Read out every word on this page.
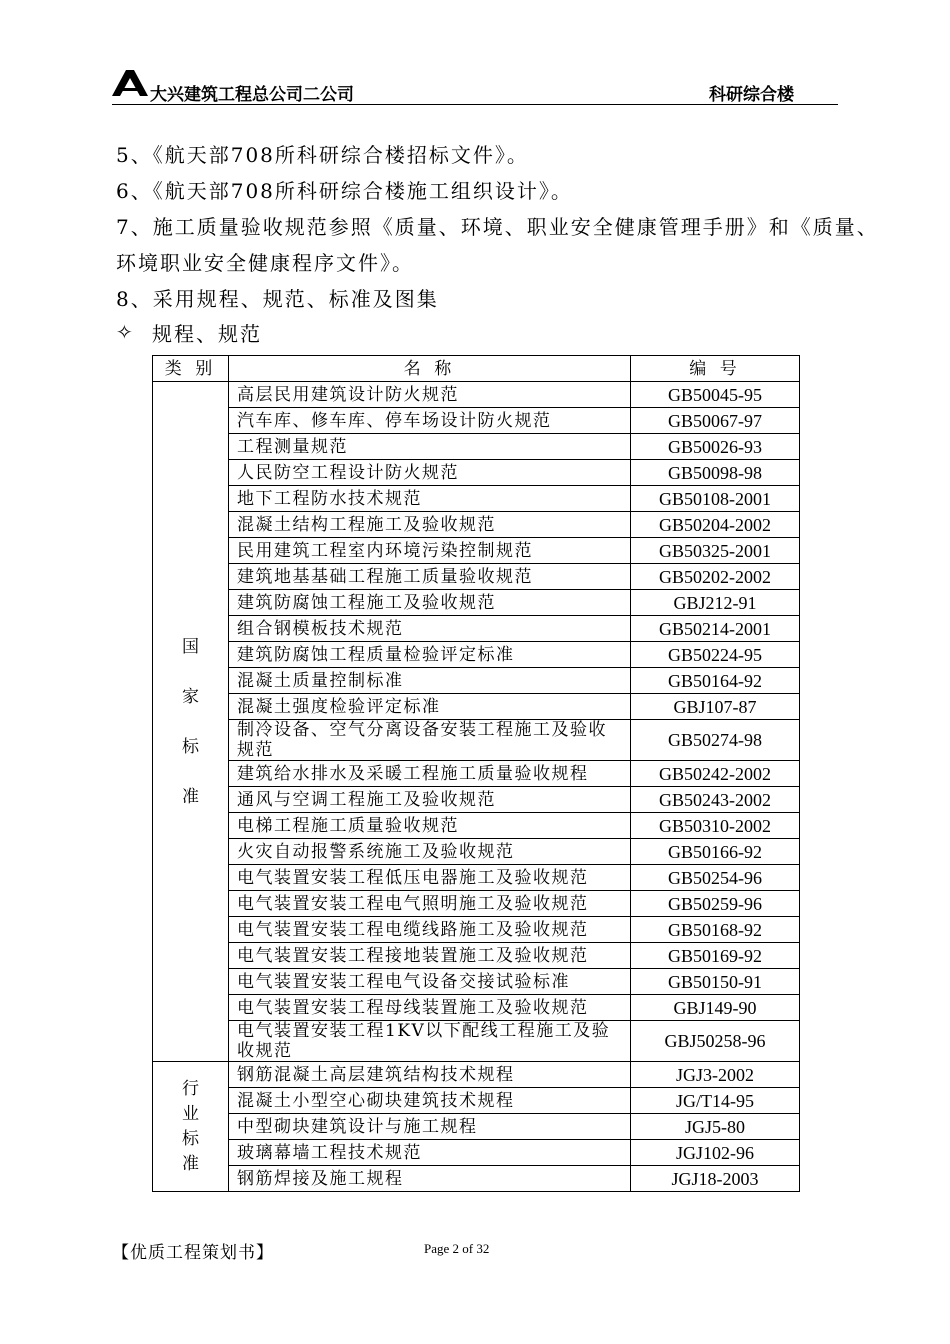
大兴建筑工程总公司二公司	科研综合楼
5、《航天部708所科研综合楼招标文件》。
6、《航天部708所科研综合楼施工组织设计》。
7、施工质量验收规范参照《质量、环境、职业安全健康管理手册》和《质量、
环境职业安全健康程序文件》。
8、采用规程、规范、标准及图集
✧ 规程、规范
类 别	名 称	编 号

国
家
标
准	高层民用建筑设计防火规范	GB50045-95
	汽车库、修车库、停车场设计防火规范	GB50067-97
	工程测量规范	GB50026-93
	人民防空工程设计防火规范	GB50098-98
	地下工程防水技术规范	GB50108-2001
	混凝土结构工程施工及验收规范	GB50204-2002
	民用建筑工程室内环境污染控制规范	GB50325-2001
	建筑地基基础工程施工质量验收规范	GB50202-2002
	建筑防腐蚀工程施工及验收规范	GBJ212-91
	组合钢模板技术规范	GB50214-2001
	建筑防腐蚀工程质量检验评定标准	GB50224-95
	混凝土质量控制标准	GB50164-92
	混凝土强度检验评定标准	GBJ107-87
	制冷设备、空气分离设备安装工程施工及验收规范	GB50274-98
	建筑给水排水及采暖工程施工质量验收规程	GB50242-2002
	通风与空调工程施工及验收规范	GB50243-2002
	电梯工程施工质量验收规范	GB50310-2002
	火灾自动报警系统施工及验收规范	GB50166-92
	电气装置安装工程低压电器施工及验收规范	GB50254-96
	电气装置安装工程电气照明施工及验收规范	GB50259-96
	电气装置安装工程电缆线路施工及验收规范	GB50168-92
	电气装置安装工程接地装置施工及验收规范	GB50169-92
	电气装置安装工程电气设备交接试验标准	GB50150-91
	电气装置安装工程母线装置施工及验收规范	GBJ149-90
	电气装置安装工程1KV以下配线工程施工及验收规范	GBJ50258-96

行
业
标
准	钢筋混凝土高层建筑结构技术规程	JGJ3-2002
	混凝土小型空心砌块建筑技术规程	JG/T14-95
	中型砌块建筑设计与施工规程	JGJ5-80
	玻璃幕墙工程技术规范	JGJ102-96
	钢筋焊接及施工规程	JGJ18-2003
【优质工程策划书】	Page 2 of 32
